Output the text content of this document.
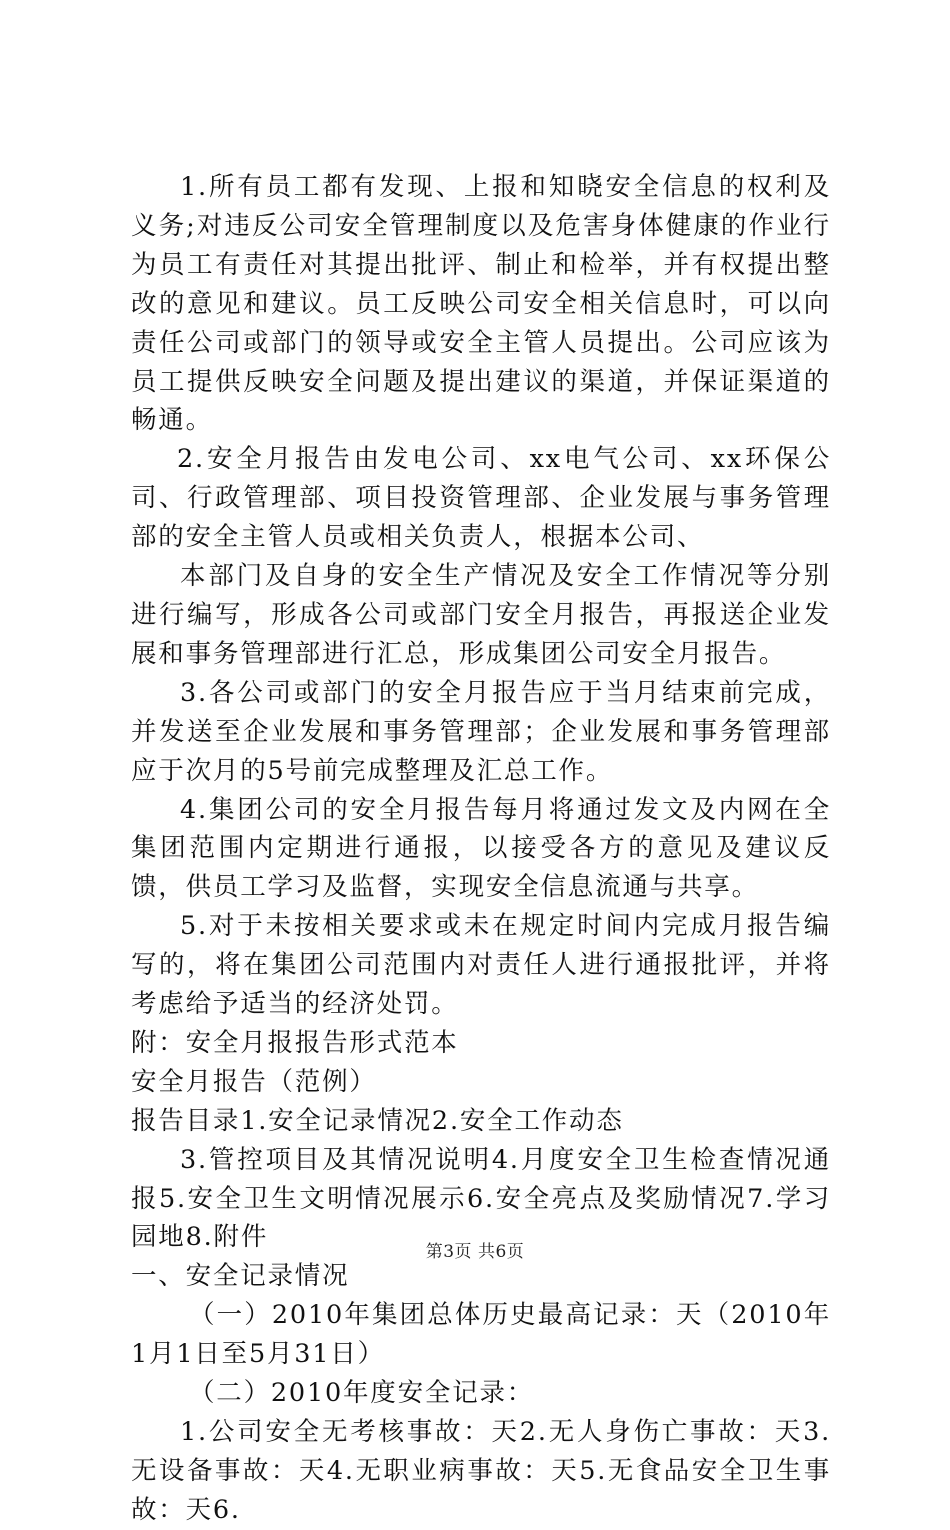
1.所有员工都有发现、上报和知晓安全信息的权利及义务;对违反公司安全管理制度以及危害身体健康的作业行为员工有责任对其提出批评、制止和检举，并有权提出整改的意见和建议。员工反映公司安全相关信息时，可以向责任公司或部门的领导或安全主管人员提出。公司应该为员工提供反映安全问题及提出建议的渠道，并保证渠道的畅通。

2.安全月报告由发电公司、xx电气公司、xx环保公司、行政管理部、项目投资管理部、企业发展与事务管理部的安全主管人员或相关负责人，根据本公司、

本部门及自身的安全生产情况及安全工作情况等分别进行编写，形成各公司或部门安全月报告，再报送企业发展和事务管理部进行汇总，形成集团公司安全月报告。

3.各公司或部门的安全月报告应于当月结束前完成，并发送至企业发展和事务管理部；企业发展和事务管理部应于次月的5号前完成整理及汇总工作。

4.集团公司的安全月报告每月将通过发文及内网在全集团范围内定期进行通报，以接受各方的意见及建议反馈，供员工学习及监督，实现安全信息流通与共享。

5.对于未按相关要求或未在规定时间内完成月报告编写的，将在集团公司范围内对责任人进行通报批评，并将考虑给予适当的经济处罚。

附：安全月报报告形式范本

安全月报告（范例）

报告目录1.安全记录情况2.安全工作动态

3.管控项目及其情况说明4.月度安全卫生检查情况通报5.安全卫生文明情况展示6.安全亮点及奖励情况7.学习园地8.附件

一、安全记录情况

（一）2010年集团总体历史最高记录：天（2010年1月1日至5月31日）

（二）2010年度安全记录：

1.公司安全无考核事故：天2.无人身伤亡事故：天3.无设备事故：天4.无职业病事故：天5.无食品安全卫生事故：天6.

第3页 共6页
